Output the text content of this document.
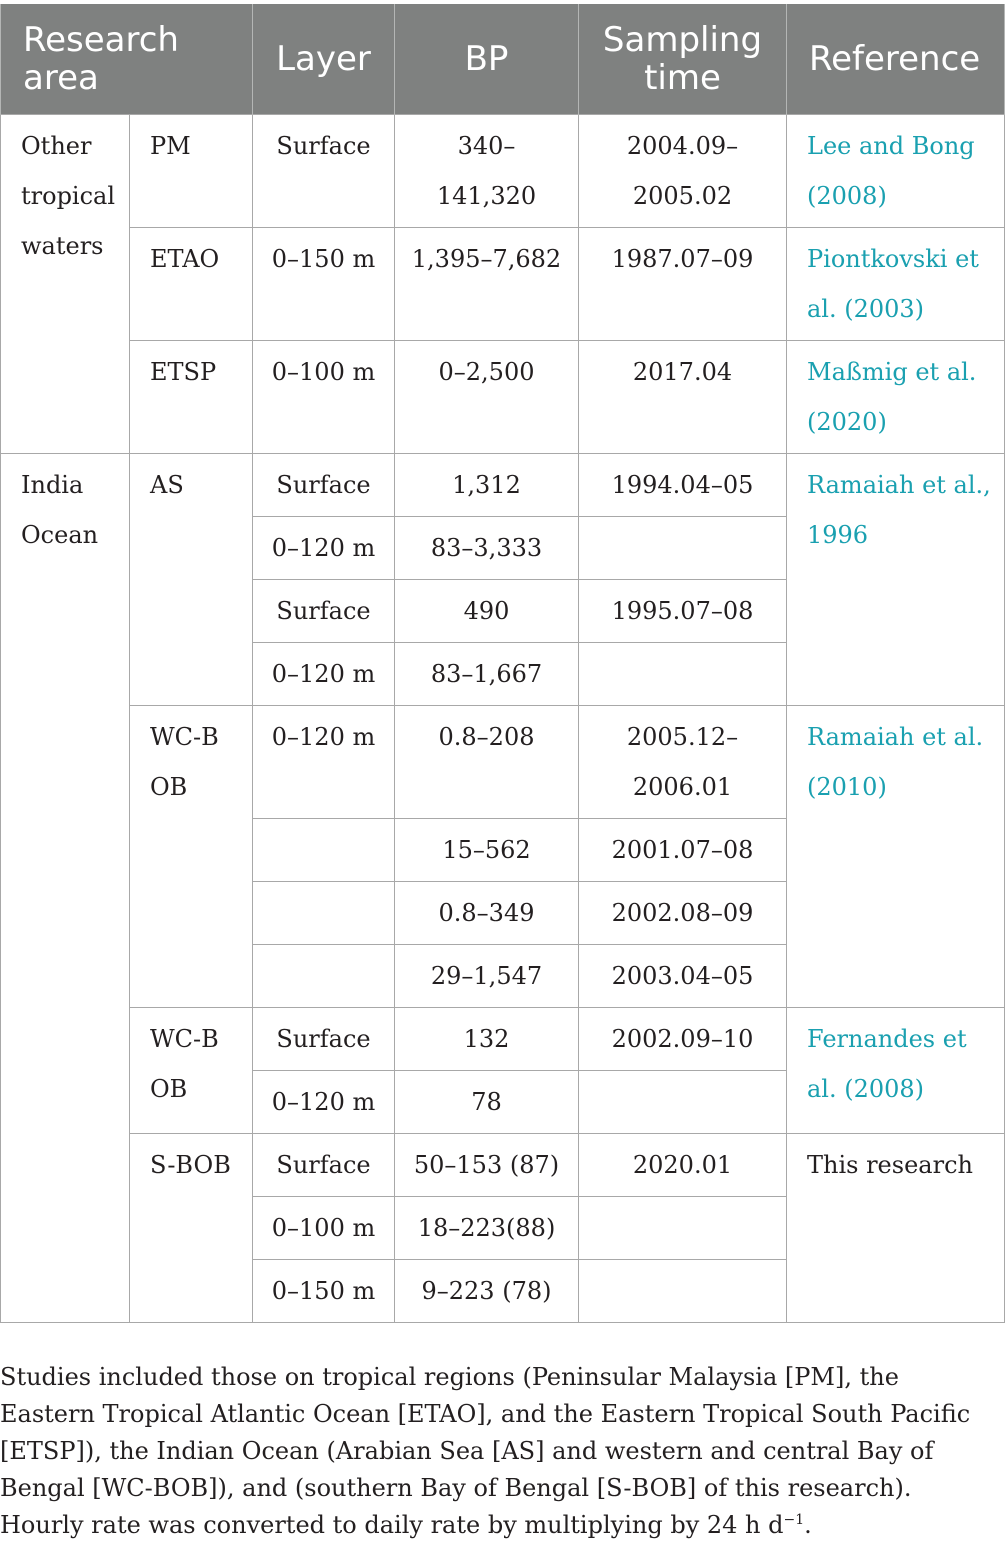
Research area		Layer	BP	Sampling time	Reference
Other tropical waters	PM	Surface	340–141,320	2004.09–2005.02	Lee and Bong (2008)
	ETAO	0–150 m	1,395–7,682	1987.07–09	Piontkovski et al. (2003)
	ETSP	0–100 m	0–2,500	2017.04	Maßmig et al. (2020)
India Ocean	AS	Surface	1,312	1994.04–05	Ramaiah et al., 1996
		0–120 m	83–3,333		
		Surface	490	1995.07–08	
		0–120 m	83–1,667		
	WC-BOB	0–120 m	0.8–208	2005.12–2006.01	Ramaiah et al. (2010)
			15–562	2001.07–08	
			0.8–349	2002.08–09	
			29–1,547	2003.04–05	
	WC-BOB	Surface	132	2002.09–10	Fernandes et al. (2008)
		0–120 m	78		
	S-BOB	Surface	50–153 (87)	2020.01	This research
		0–100 m	18–223(88)		
		0–150 m	9–223 (78)		
Studies included those on tropical regions (Peninsular Malaysia [PM], the Eastern Tropical Atlantic Ocean [ETAO], and the Eastern Tropical South Pacific [ETSP]), the Indian Ocean (Arabian Sea [AS] and western and central Bay of Bengal [WC-BOB]), and (southern Bay of Bengal [S-BOB] of this research). Hourly rate was converted to daily rate by multiplying by 24 h $d^{-1}$.
